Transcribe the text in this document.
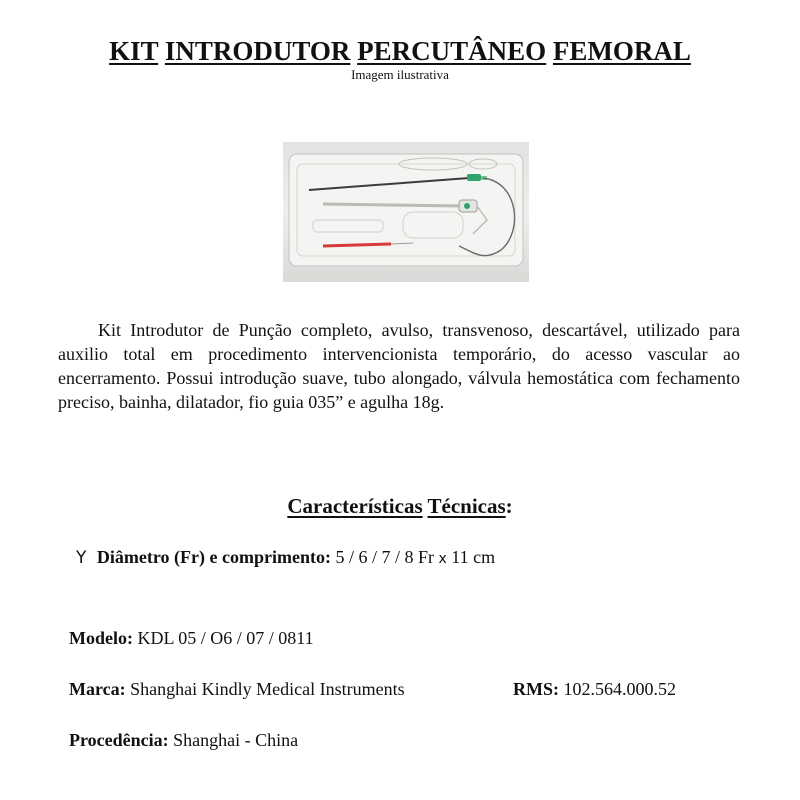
KIT INTRODUTOR PERCUTÂNEO FEMORAL
Imagem ilustrativa

Kit Introdutor de Punção completo, avulso, transvenoso, descartável, utilizado para auxilio total em procedimento intervencionista temporário, do acesso vascular ao encerramento. Possui introdução suave, tubo alongado, válvula hemostática com fechamento preciso, bainha, dilatador, fio guia 035” e agulha 18g.

Características Técnicas:
Y Diâmetro (Fr) e comprimento: 5 / 6 / 7 / 8 Fr x 11 cm
Modelo: KDL 05 / O6 / 07 / 0811
Marca: Shanghai Kindly Medical Instruments	RMS: 102.564.000.52
Procedência: Shanghai - China
